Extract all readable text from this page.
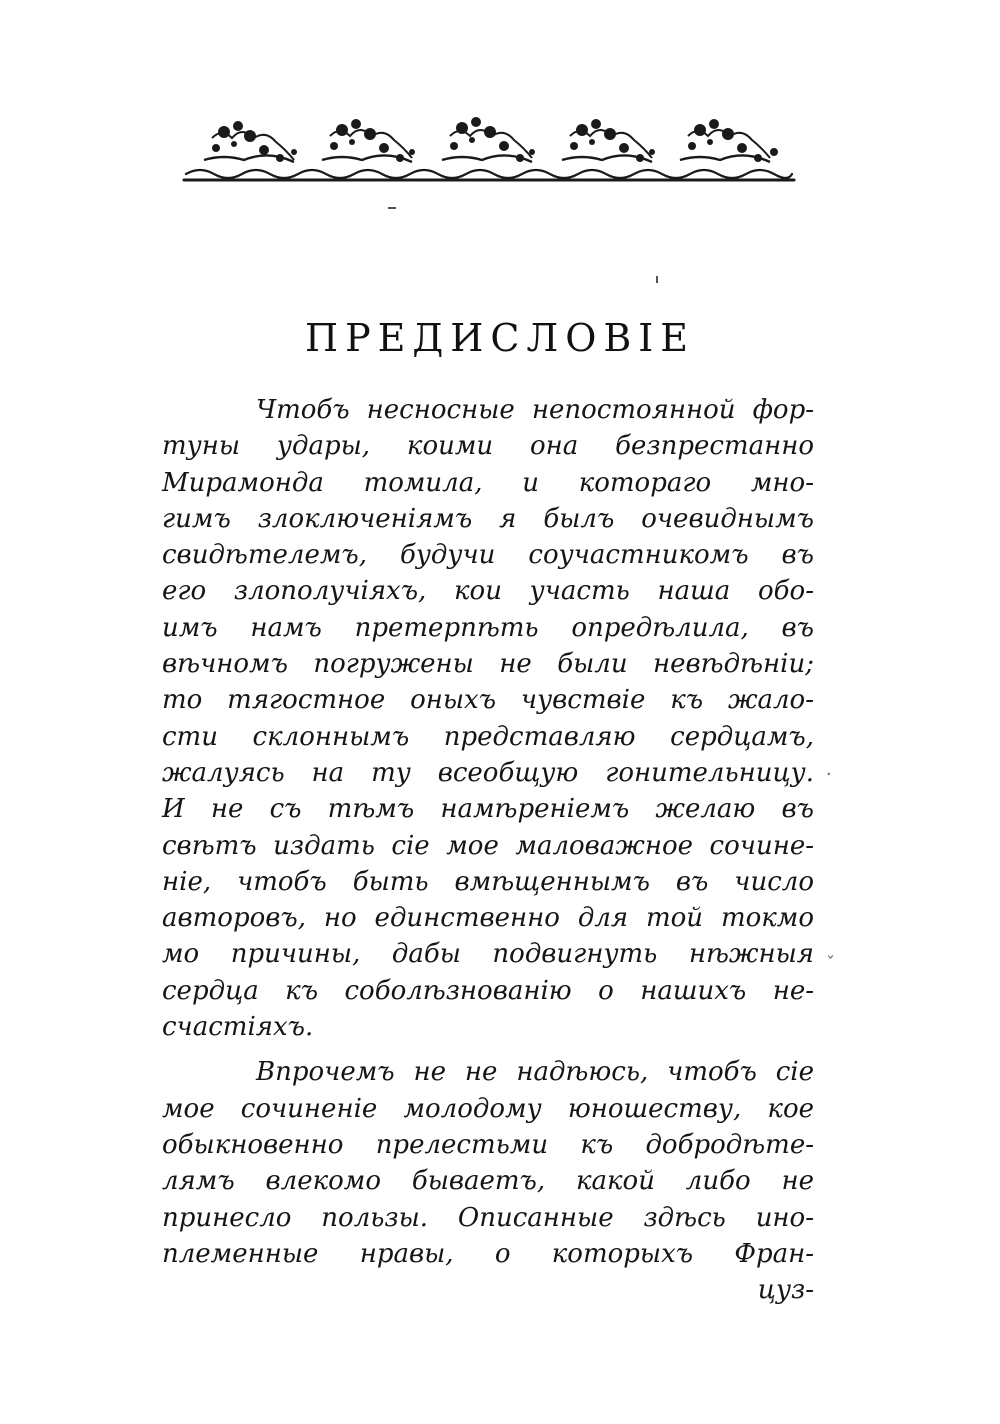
ПРЕДИСЛОВІЕ
Чтобъ несносные непостоянной фор-
туны удары, коими она безпрестанно
Мирамонда томила, и котораго мно-
гимъ злоключеніямъ я былъ очевиднымъ
свидѣтелемъ, будучи соучастникомъ въ
его злополучіяхъ, кои участь наша обо-
имъ намъ претерпѣть опредѣлила, въ
вѣчномъ погружены не были невѣдѣніи;
то тягостное оныхъ чувствіе къ жало-
сти склоннымъ представляю сердцамъ,
жалуясь на ту всеобщую гонительницу.
И не съ тѣмъ намѣреніемъ желаю въ
свѣтъ издать сіе мое маловажное сочине-
ніе, чтобъ быть вмѣщеннымъ въ число
авторовъ, но единственно для той токмо
мо причины, дабы подвигнуть нѣжныя
сердца къ соболѣзнованію о нашихъ не-
счастіяхъ.
Впрочемъ не не надѣюсь, чтобъ сіе
мое сочиненіе молодому юношеству, кое
обыкновенно прелестьми къ добродѣте-
лямъ влекомо бываетъ, какой либо не
принесло пользы. Описанные здѣсь ино-
племенные нравы, о которыхъ Фран-
цуз-
·
˯
